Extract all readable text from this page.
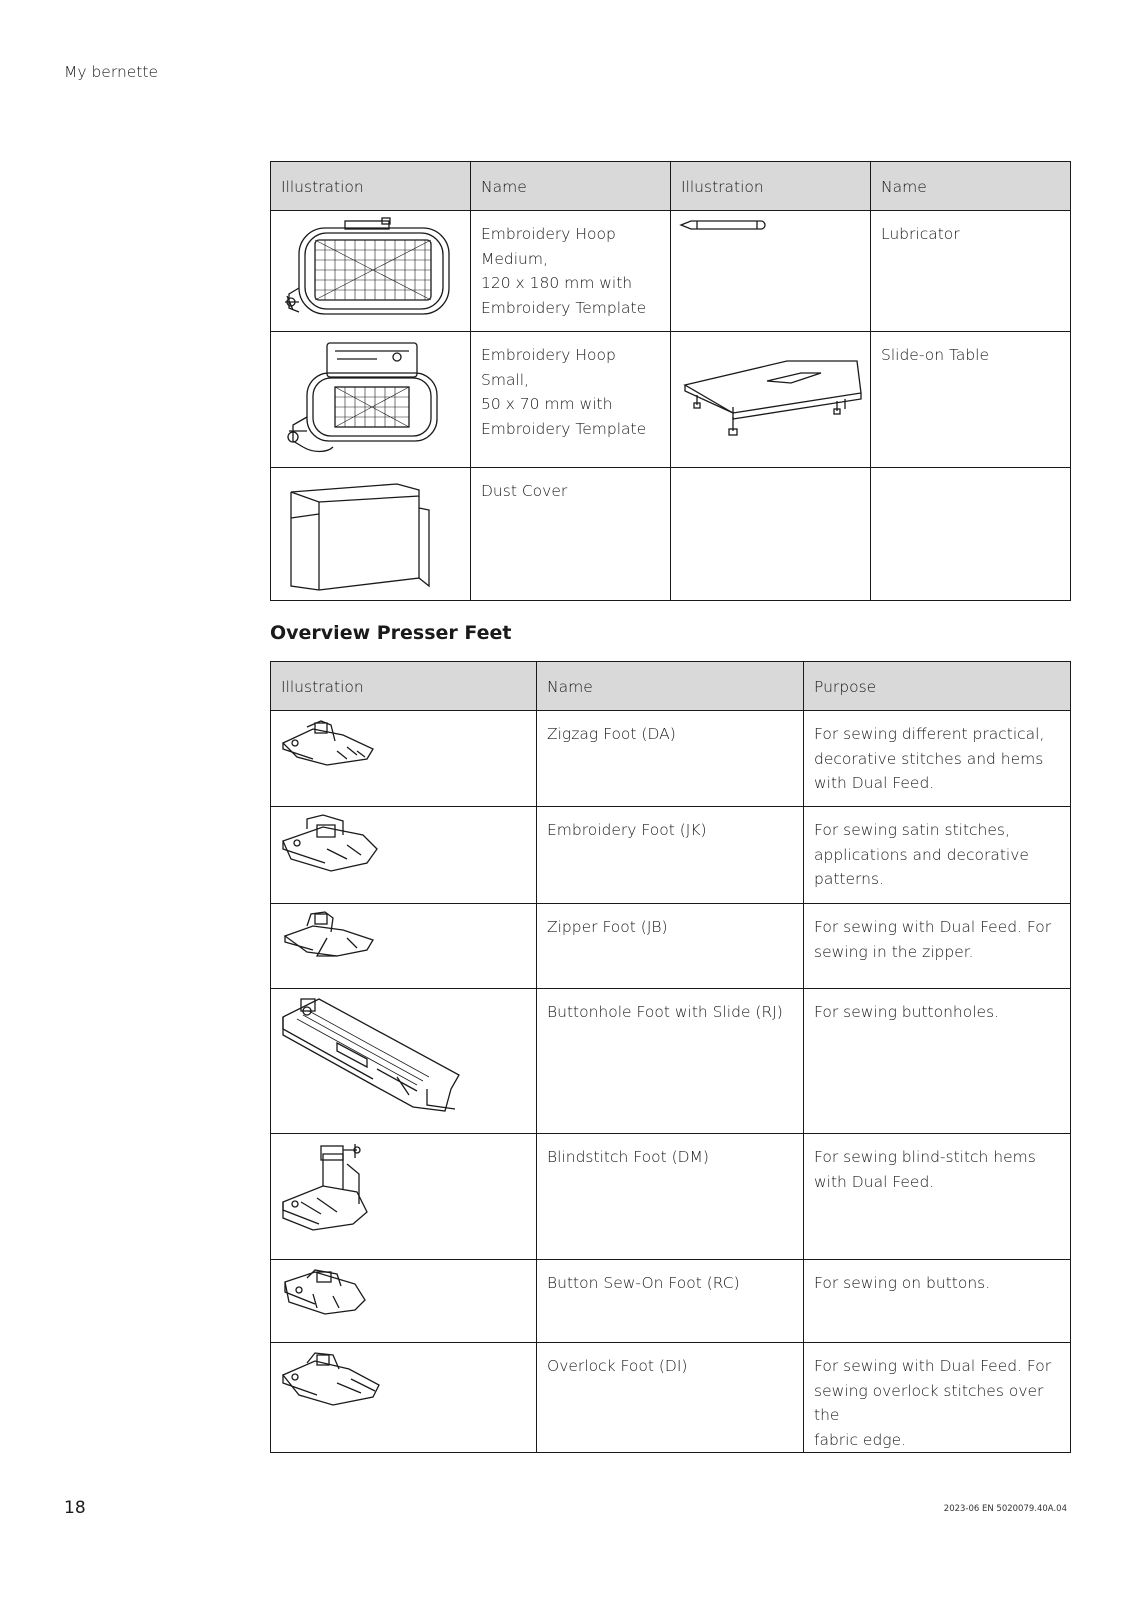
My bernette
Illustration	Name	Illustration	Name

	Embroidery Hoop
Medium,
120 x 180 mm with
Embroidery Template		Lubricator

	Embroidery Hoop Small,
50 x 70 mm with
Embroidery Template		Slide-on Table

	Dust Cover		
Overview Presser Feet
Illustration	Name	Purpose

	Zigzag Foot (DA)	For sewing different practical,
decorative stitches and hems
with Dual Feed.

	Embroidery Foot (JK)	For sewing satin stitches,
applications and decorative
patterns.

	Zipper Foot (JB)	For sewing with Dual Feed. For
sewing in the zipper.

	Buttonhole Foot with Slide (RJ)	For sewing buttonholes.

	Blindstitch Foot (DM)	For sewing blind-stitch hems
with Dual Feed.

	Button Sew-On Foot (RC)	For sewing on buttons.

	Overlock Foot (DI)	For sewing with Dual Feed. For
sewing overlock stitches over the
fabric edge.
18	2023-06 EN 5020079.40A.04
